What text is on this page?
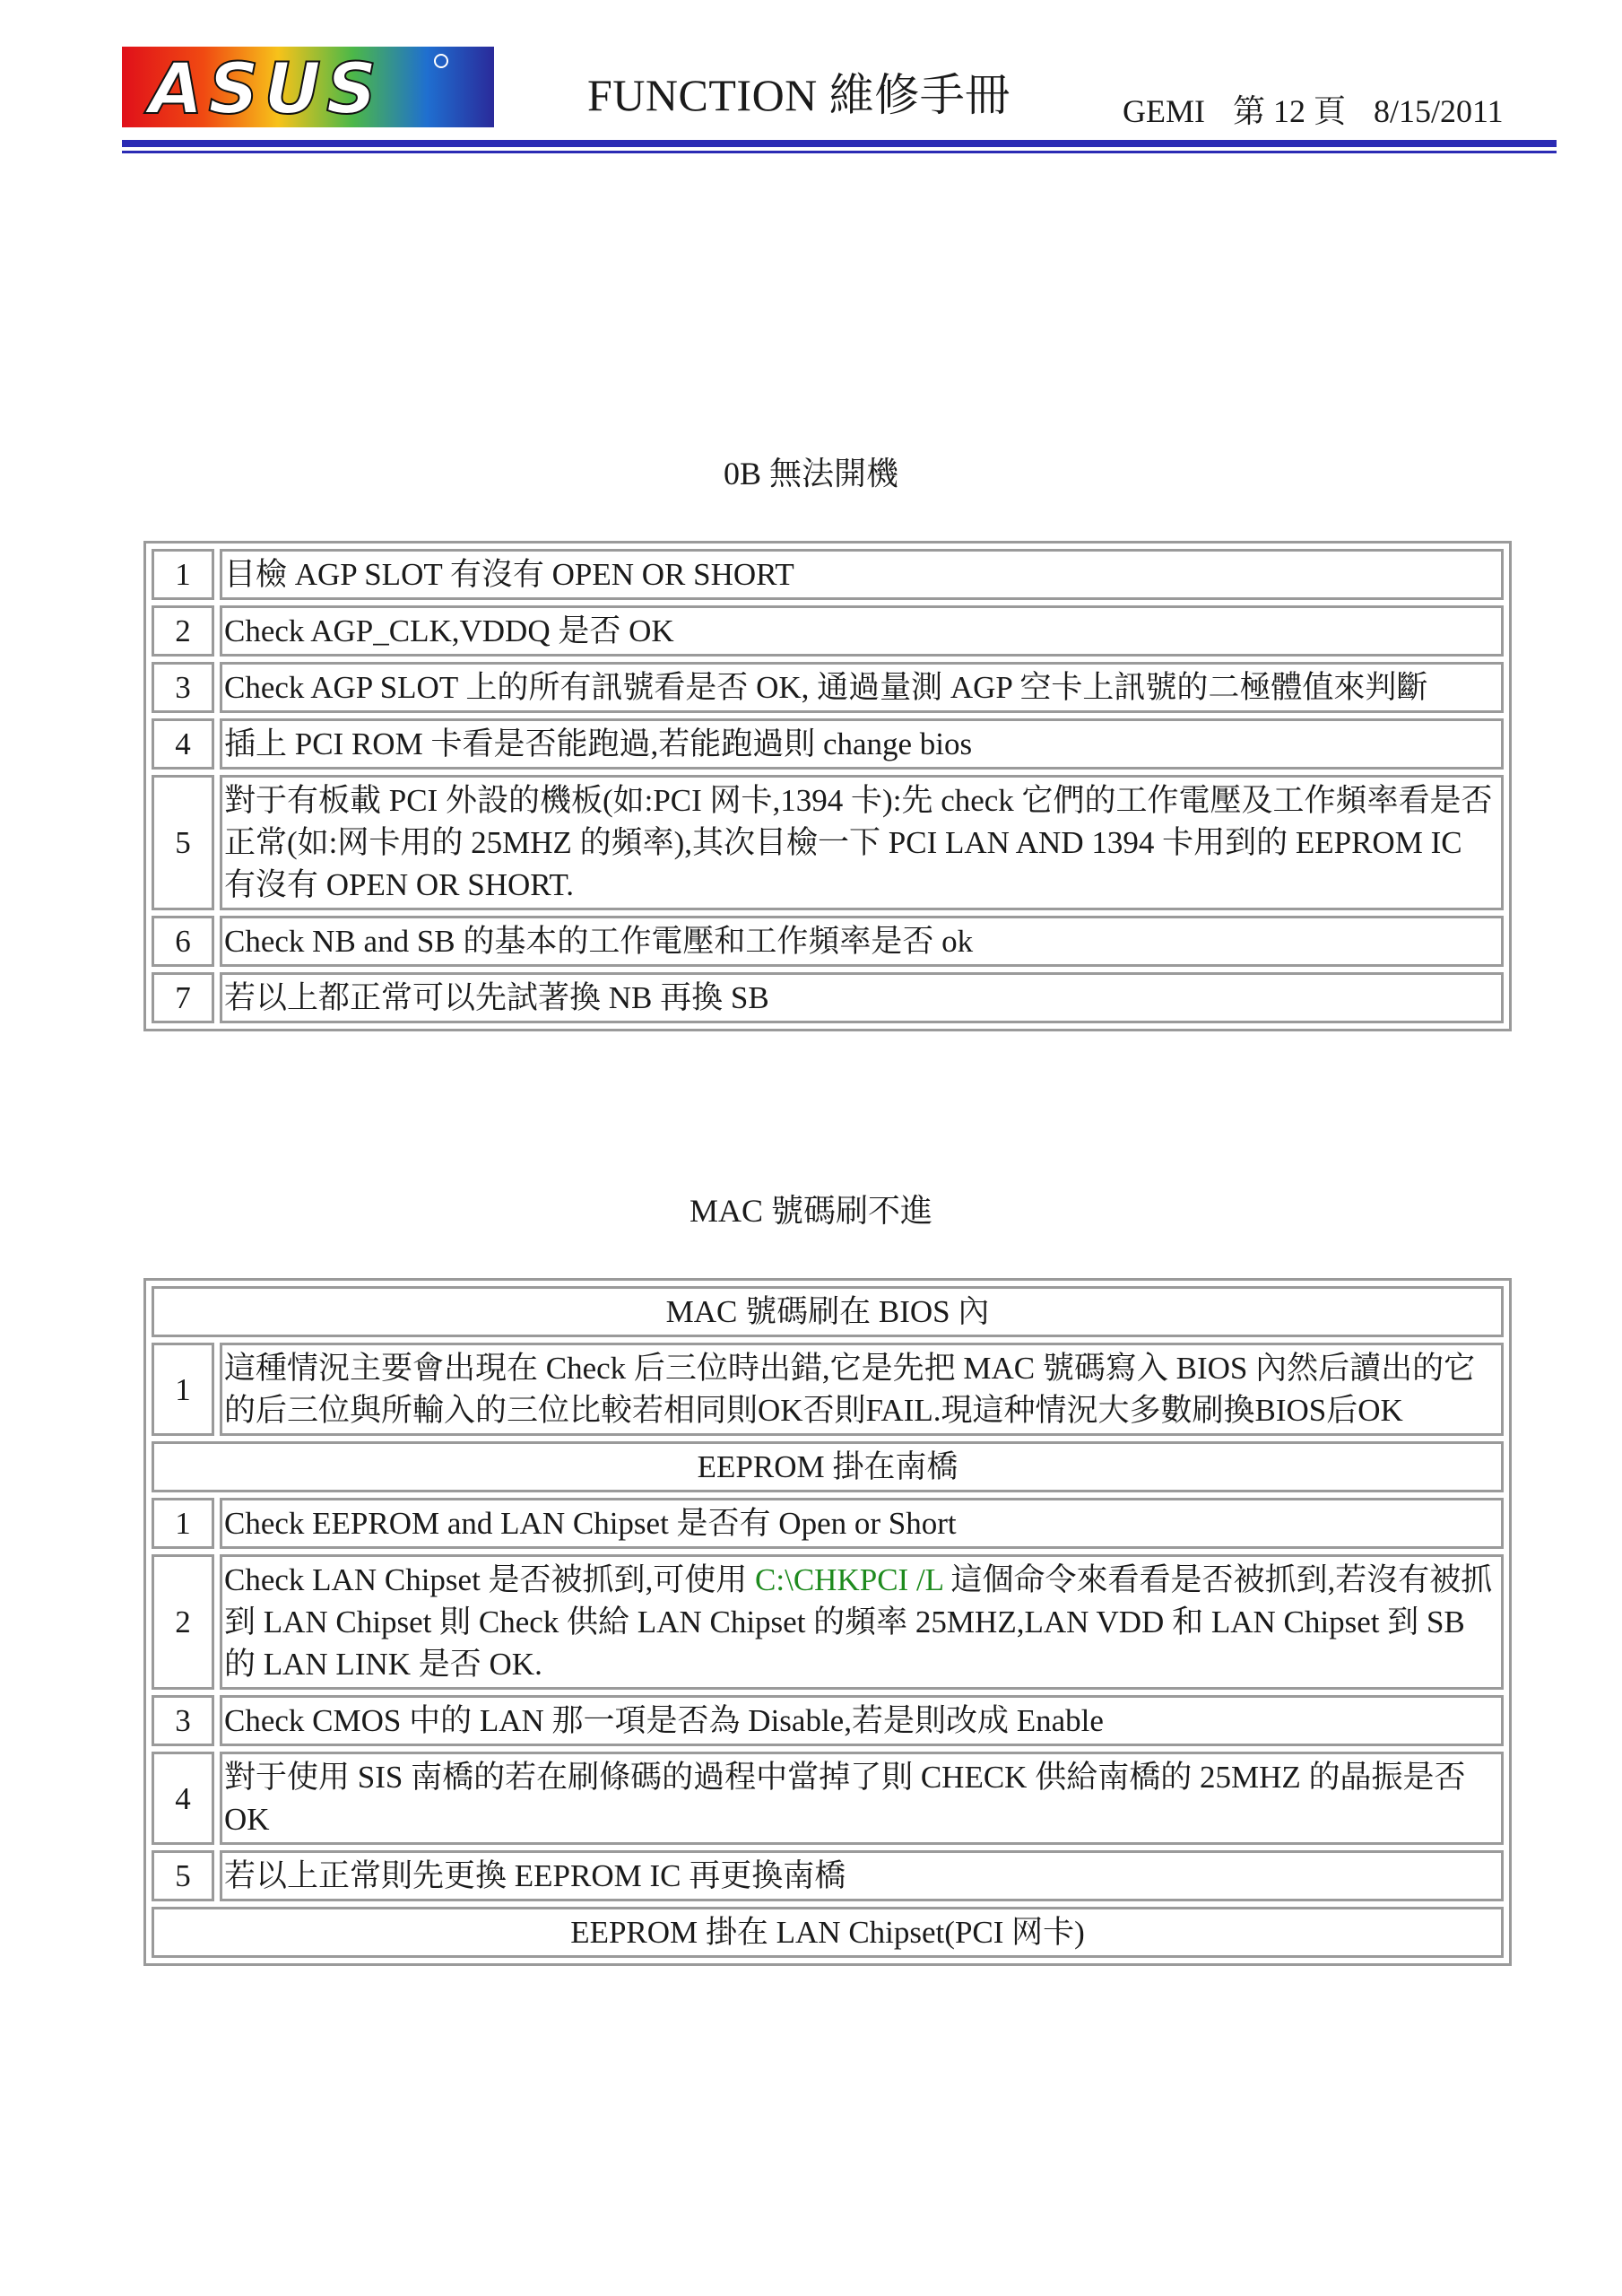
ASUS	FUNCTION 維修手冊	GEMI 第 12 頁 8/15/2011
0B 無法開機
1	目檢 AGP SLOT 有沒有 OPEN OR SHORT
2	Check AGP_CLK,VDDQ 是否 OK
3	Check AGP SLOT 上的所有訊號看是否 OK, 通過量測 AGP 空卡上訊號的二極體值來判斷
4	插上 PCI ROM 卡看是否能跑過,若能跑過則 change bios
5	對于有板載 PCI 外設的機板(如:PCI 网卡,1394 卡):先 check 它們的工作電壓及工作頻率看是否正常(如:网卡用的 25MHZ 的頻率),其次目檢一下 PCI LAN AND 1394 卡用到的 EEPROM IC 有沒有 OPEN OR SHORT.
6	Check NB and SB 的基本的工作電壓和工作頻率是否 ok
7	若以上都正常可以先試著換 NB 再換 SB
MAC 號碼刷不進
MAC 號碼刷在 BIOS 內	
1	這種情況主要會出現在 Check 后三位時出錯,它是先把 MAC 號碼寫入 BIOS 內然后讀出的它的后三位與所輸入的三位比較若相同則OK否則FAIL.現這种情況大多數刷換BIOS后OK
EEPROM 掛在南橋	
1	Check EEPROM and LAN Chipset 是否有 Open or Short
2	Check LAN Chipset 是否被抓到,可使用 C:\CHKPCI /L 這個命令來看看是否被抓到,若沒有被抓到 LAN Chipset 則 Check 供給 LAN Chipset 的頻率 25MHZ,LAN VDD 和 LAN Chipset 到 SB 的 LAN LINK 是否 OK.
3	Check CMOS 中的 LAN 那一項是否為 Disable,若是則改成 Enable
4	對于使用 SIS 南橋的若在刷條碼的過程中當掉了則 CHECK 供給南橋的 25MHZ 的晶振是否 OK
5	若以上正常則先更換 EEPROM IC 再更換南橋
EEPROM 掛在 LAN Chipset(PCI 网卡)	
